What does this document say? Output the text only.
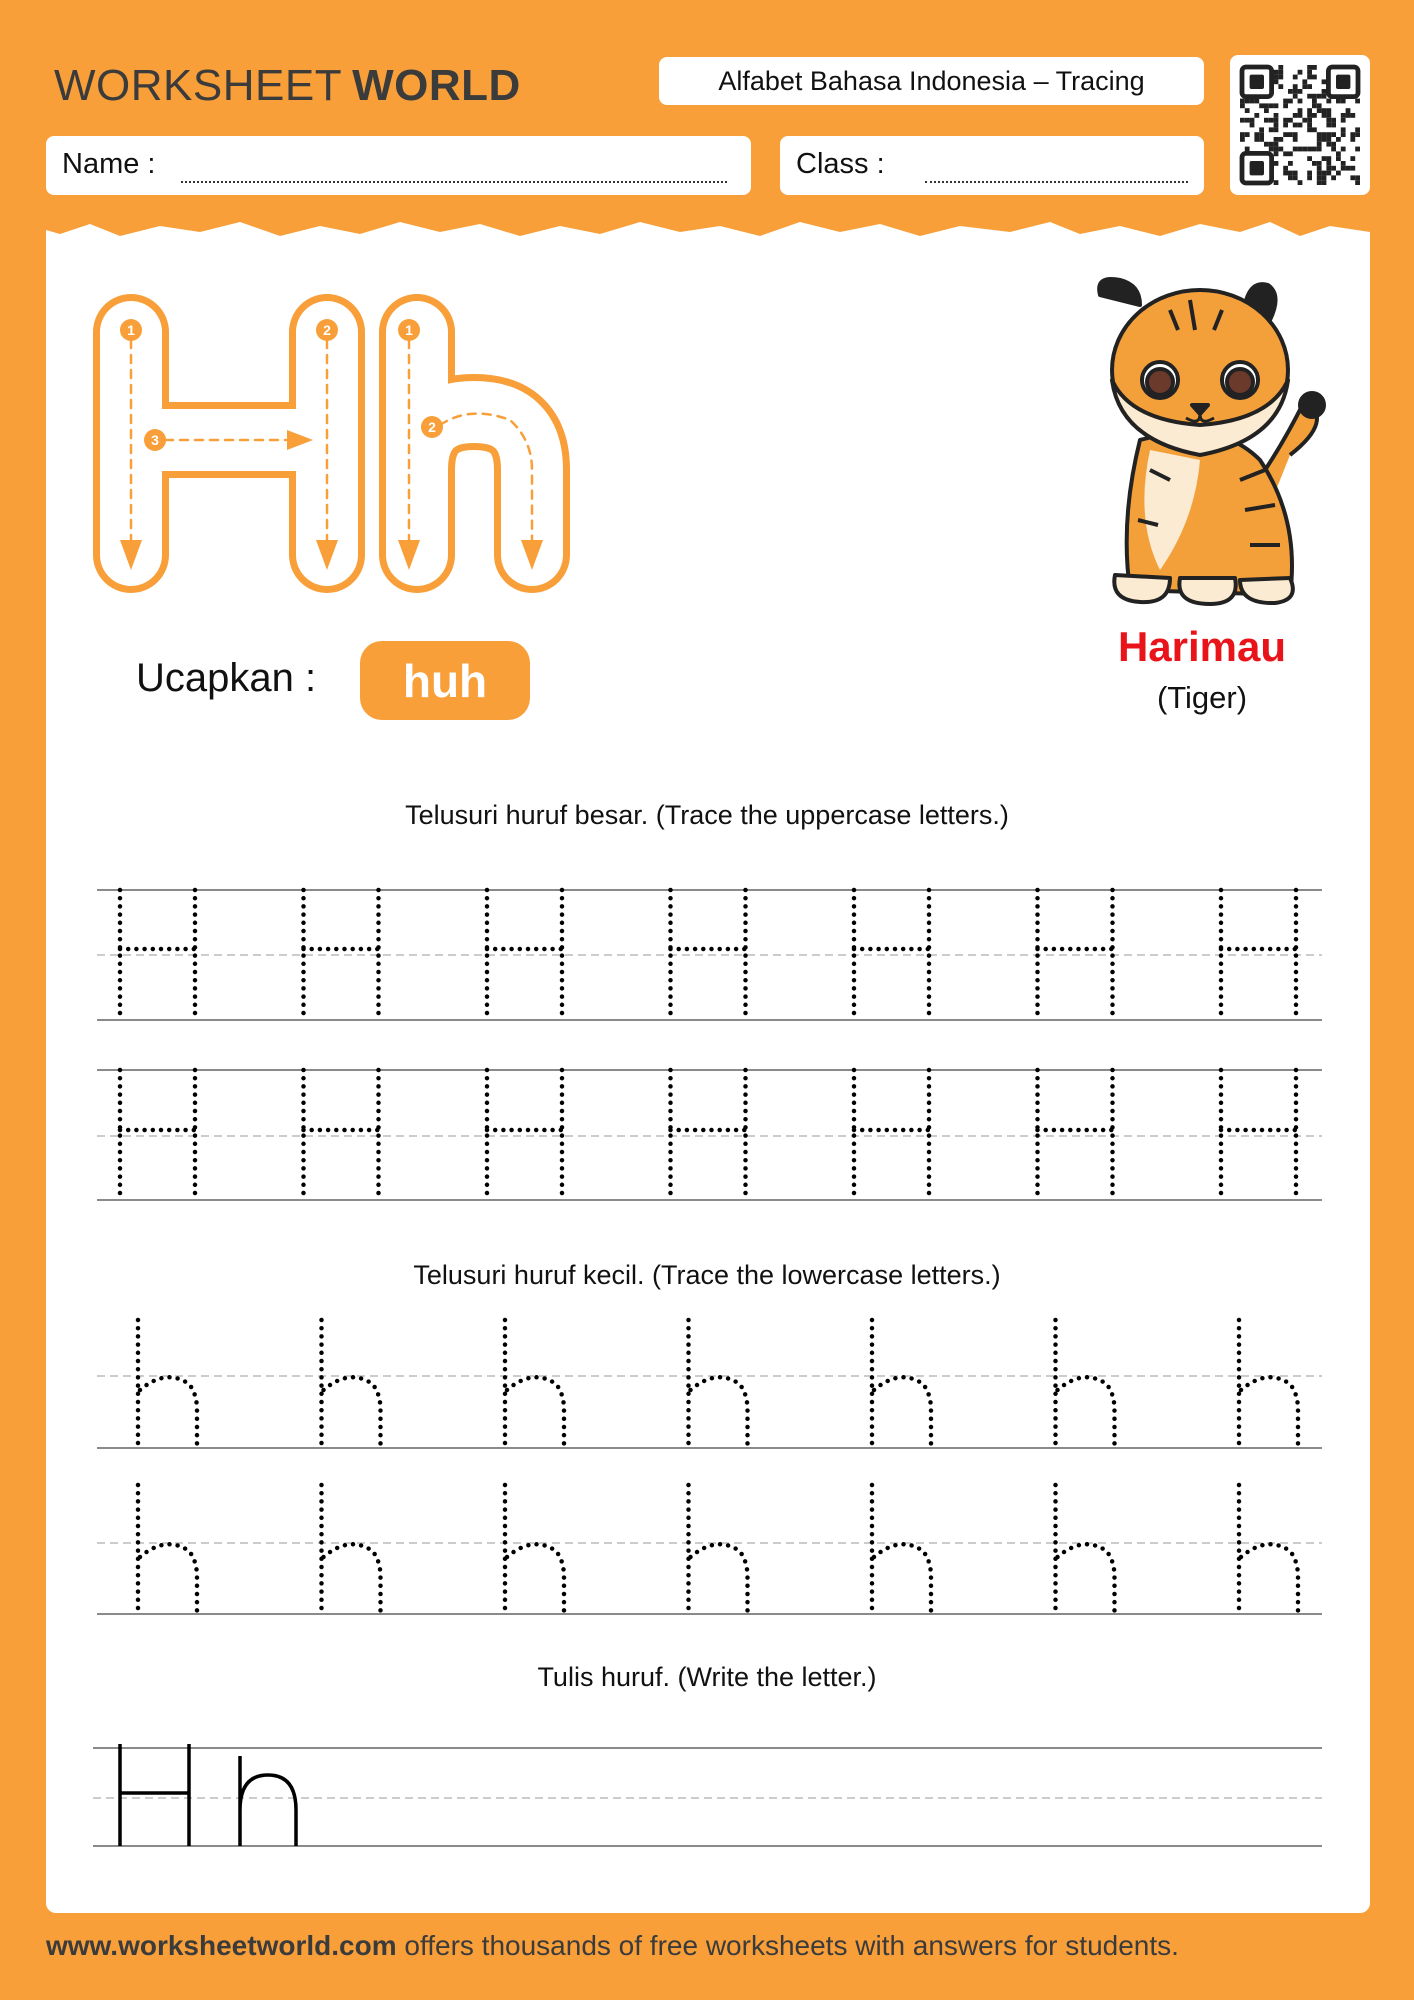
WORKSHEET WORLD	Alfabet Bahasa Indonesia – Tracing
Name :	Class :
1	2
3
1
2
Ucapkan :	huh
Harimau
(Tiger)
Telusuri huruf besar. (Trace the uppercase letters.)
Telusuri huruf kecil. (Trace the lowercase letters.)
Tulis huruf. (Write the letter.)
www.worksheetworld.com offers thousands of free worksheets with answers for students.
